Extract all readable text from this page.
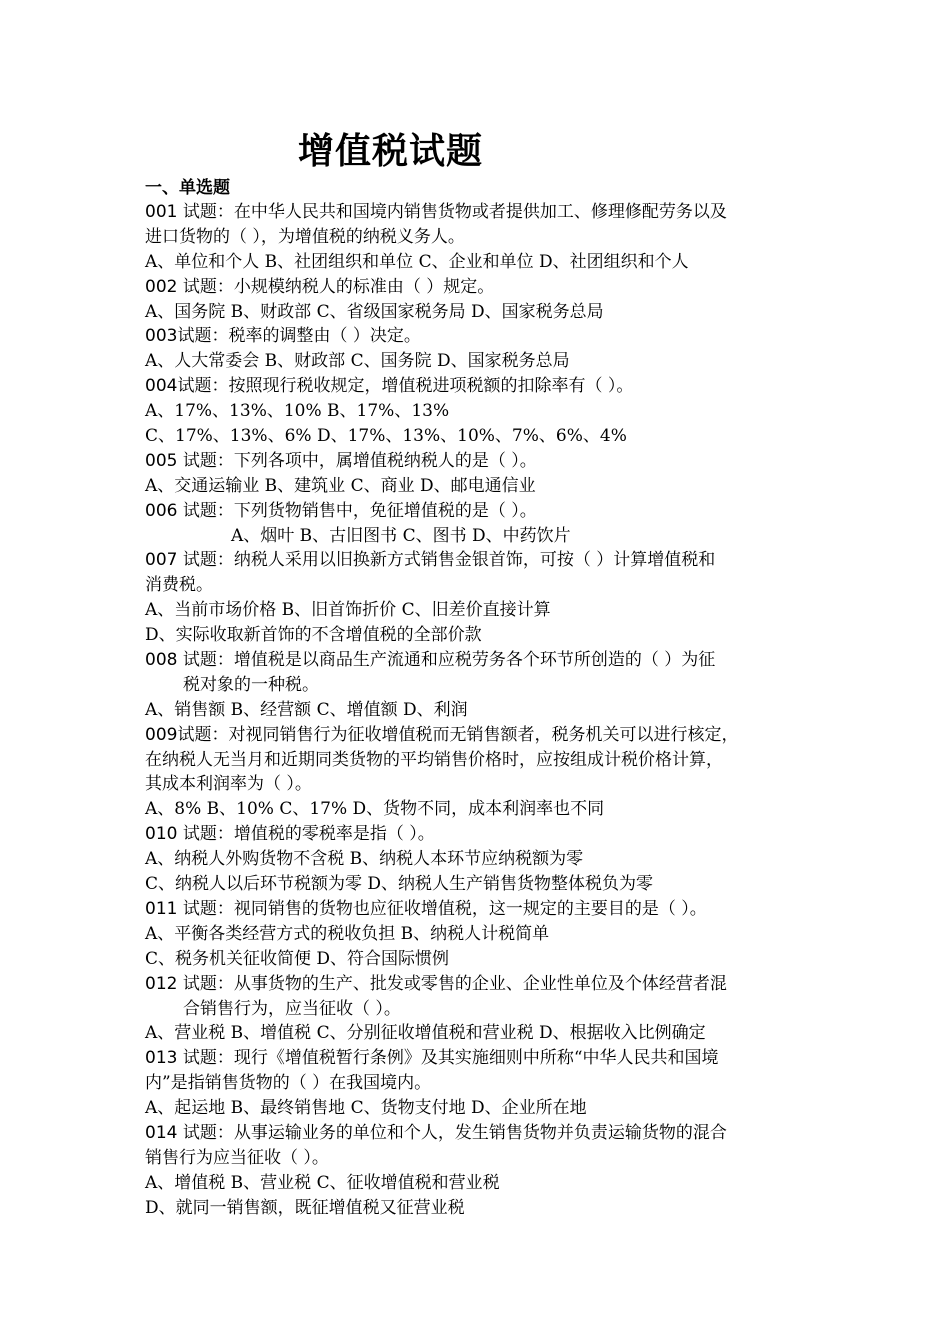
增值税试题
一、单选题
001 试题：在中华人民共和国境内销售货物或者提供加工、修理修配劳务以及
进口货物的（ ），为增值税的纳税义务人。
A、单位和个人 B、社团组织和单位 C、企业和单位 D、社团组织和个人
002 试题：小规模纳税人的标准由（ ）规定。
A、国务院 B、财政部 C、省级国家税务局 D、国家税务总局
003试题：税率的调整由（ ）决定。
A、人大常委会 B、财政部 C、国务院 D、国家税务总局
004试题：按照现行税收规定，增值税进项税额的扣除率有（ ）。
A、17%、13%、10% B、17%、13%
C、17%、13%、6% D、17%、13%、10%、7%、6%、4%
005 试题：下列各项中，属增值税纳税人的是（ ）。
A、交通运输业 B、建筑业 C、商业 D、邮电通信业
006 试题：下列货物销售中，免征增值税的是（ ）。
A、烟叶 B、古旧图书 C、图书 D、中药饮片
007 试题：纳税人采用以旧换新方式销售金银首饰，可按（ ）计算增值税和
消费税。
A、当前市场价格 B、旧首饰折价 C、旧差价直接计算
D、实际收取新首饰的不含增值税的全部价款
008 试题：增值税是以商品生产流通和应税劳务各个环节所创造的（ ）为征
税对象的一种税。
A、销售额 B、经营额 C、增值额 D、利润
009试题：对视同销售行为征收增值税而无销售额者，税务机关可以进行核定，
在纳税人无当月和近期同类货物的平均销售价格时，应按组成计税价格计算，
其成本利润率为（ ）。
A、8% B、10% C、17% D、货物不同，成本利润率也不同
010 试题：增值税的零税率是指（ ）。
A、纳税人外购货物不含税 B、纳税人本环节应纳税额为零
C、纳税人以后环节税额为零 D、纳税人生产销售货物整体税负为零
011 试题：视同销售的货物也应征收增值税，这一规定的主要目的是（ ）。
A、平衡各类经营方式的税收负担 B、纳税人计税简单
C、税务机关征收简便 D、符合国际惯例
012 试题：从事货物的生产、批发或零售的企业、企业性单位及个体经营者混
合销售行为，应当征收（ ）。
A、营业税 B、增值税 C、分别征收增值税和营业税 D、根据收入比例确定
013 试题：现行《增值税暂行条例》及其实施细则中所称“中华人民共和国境
内”是指销售货物的（ ）在我国境内。
A、起运地 B、最终销售地 C、货物支付地 D、企业所在地
014 试题：从事运输业务的单位和个人，发生销售货物并负责运输货物的混合
销售行为应当征收（ ）。
A、增值税 B、营业税 C、征收增值税和营业税
D、就同一销售额，既征增值税又征营业税
